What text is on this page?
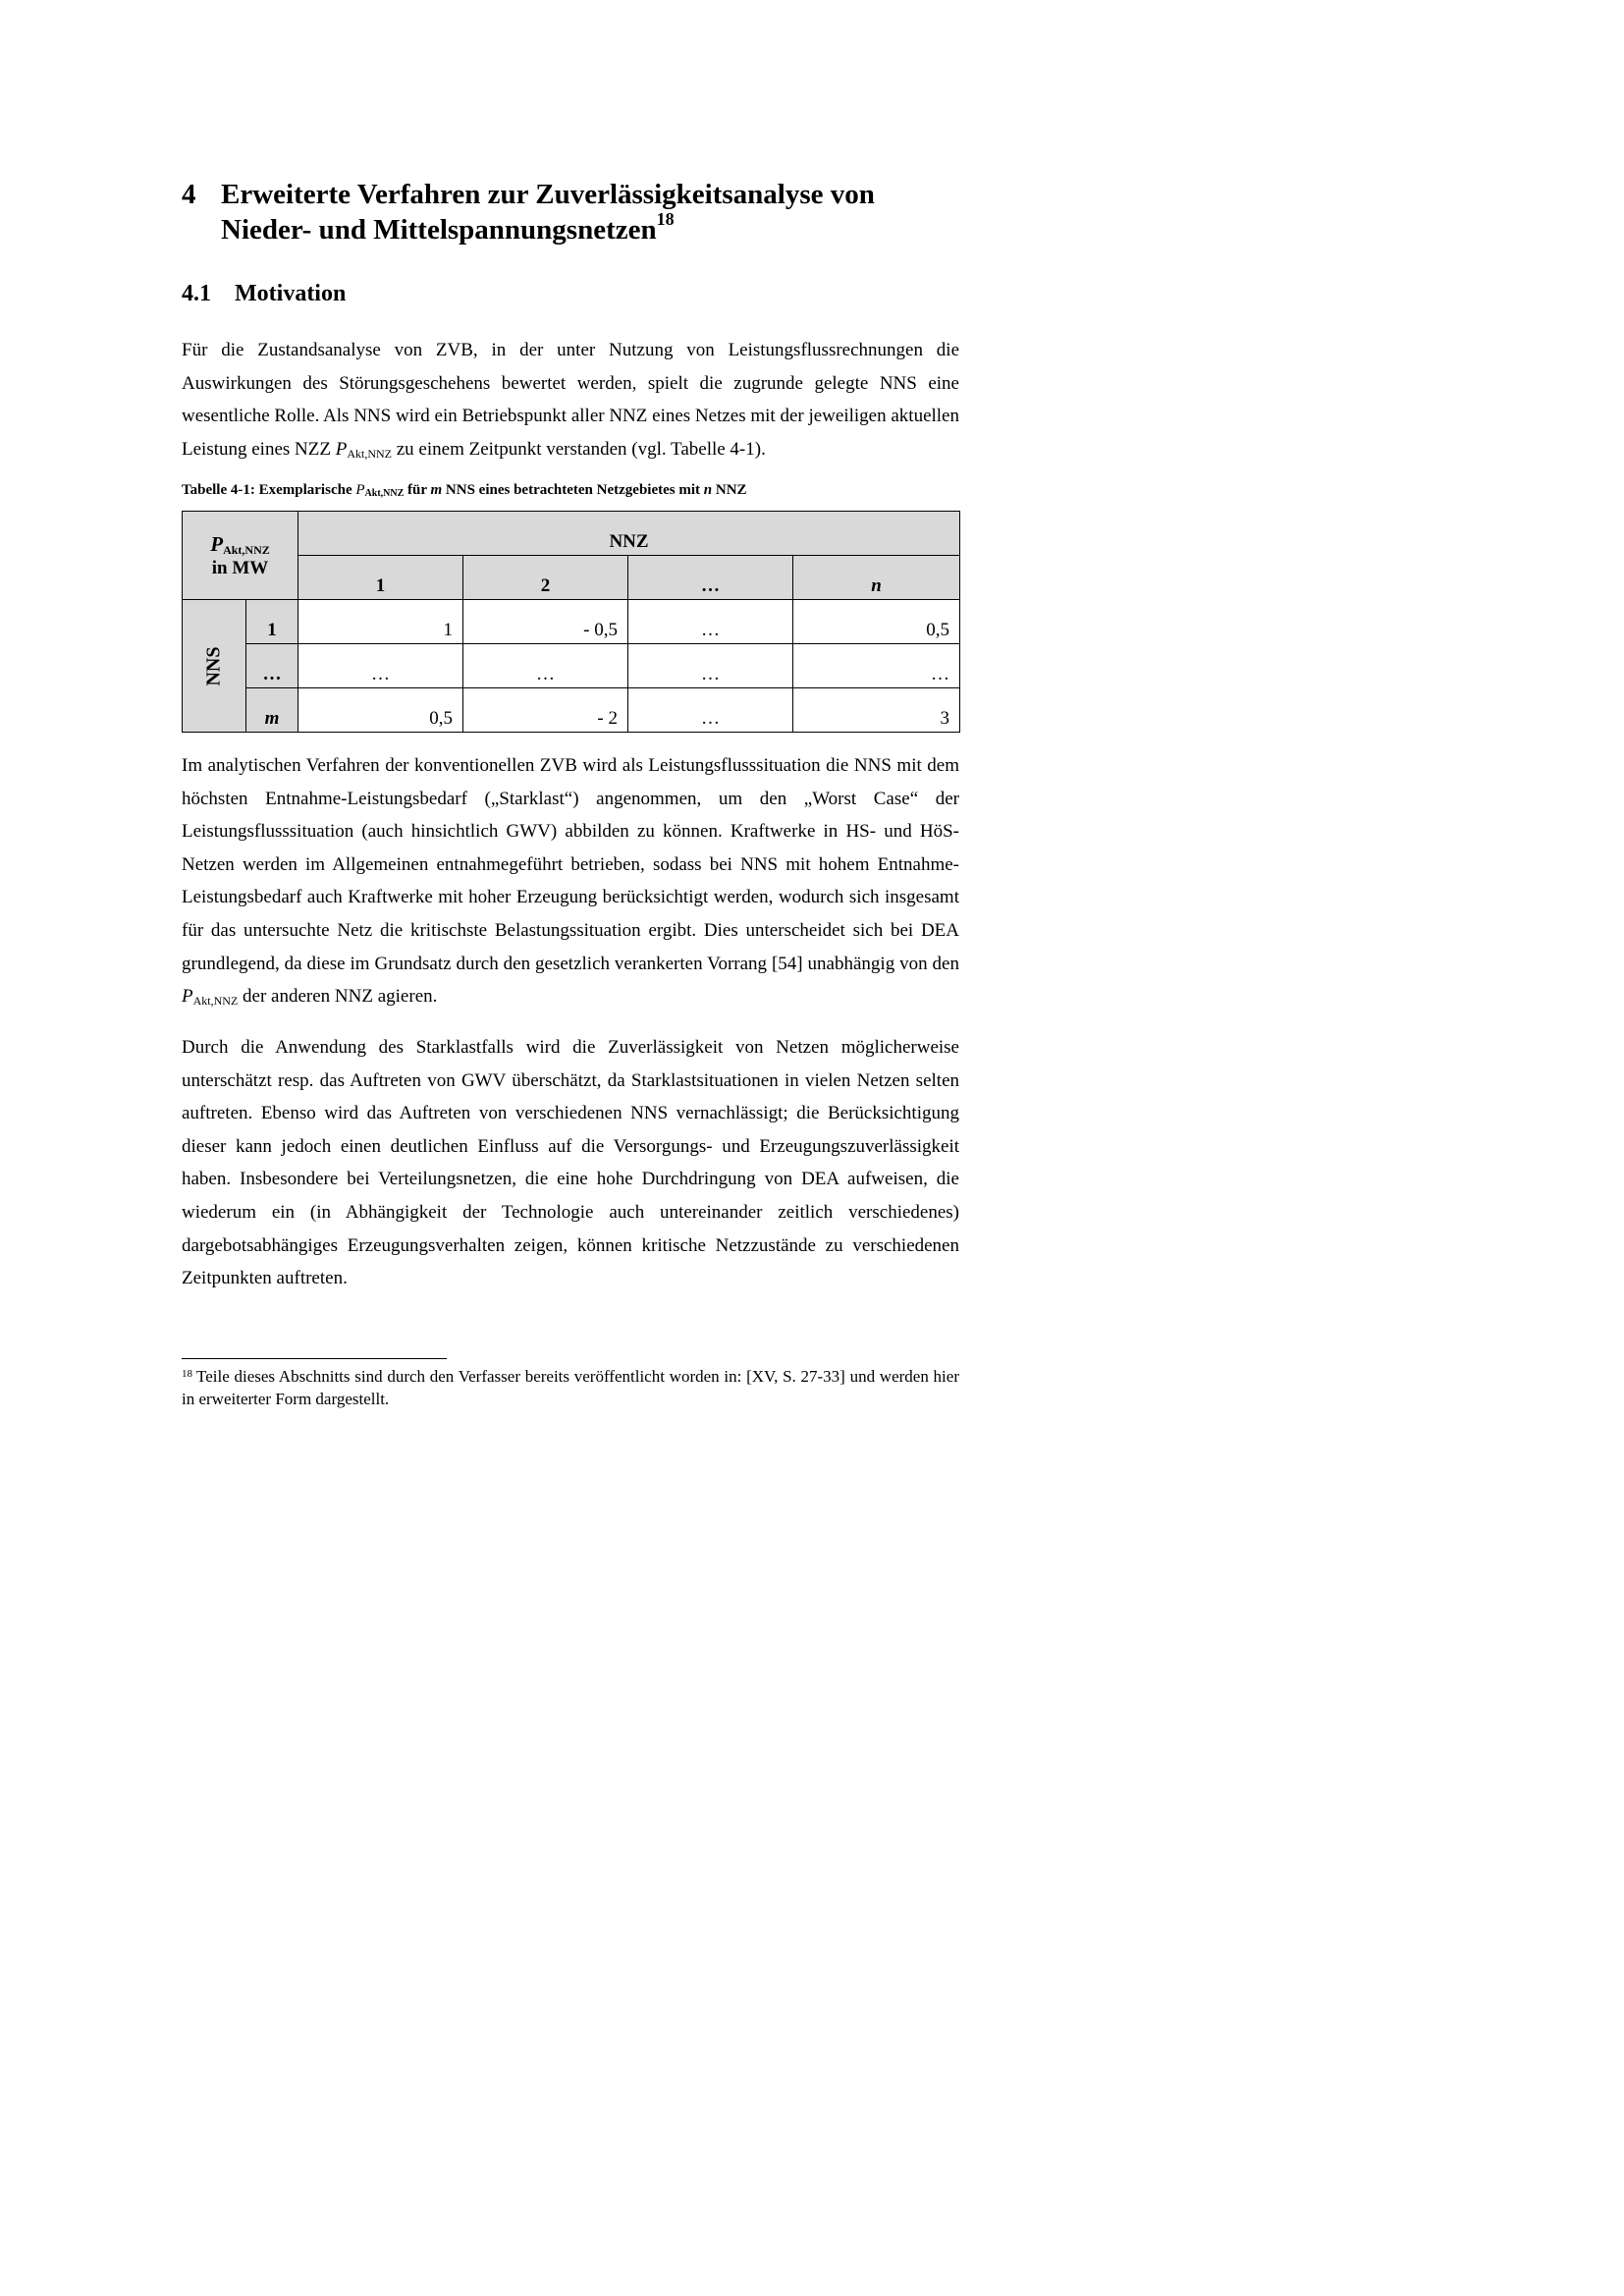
4 Erweiterte Verfahren zur Zuverlässigkeitsanalyse von
Nieder- und Mittelspannungsnetzen$^{18}$
4.1 Motivation

Für die Zustandsanalyse von ZVB, in der unter Nutzung von Leistungsflussrechnungen die Auswirkungen des Störungsgeschehens bewertet werden, spielt die zugrunde gelegte NNS eine wesentliche Rolle. Als NNS wird ein Betriebspunkt aller NNZ eines Netzes mit der jeweiligen aktuellen Leistung eines NZZ $P_{Akt,NNZ}$ zu einem Zeitpunkt verstanden (vgl. Tabelle 4-1).

Tabelle 4-1: Exemplarische $P_{Akt,NNZ}$ für m NNS eines betrachteten Netzgebietes mit n NNZ
$P_{Akt,NNZ}$
in MW		NNZ			
		1	2	…	n
NNS	1	1	- 0,5	…	0,5
	…	…	…	…	…
	m	0,5	- 2	…	3

Im analytischen Verfahren der konventionellen ZVB wird als Leistungsflusssituation die NNS mit dem höchsten Entnahme-Leistungsbedarf („Starklast“) angenommen, um den „Worst Case“ der Leistungsflusssituation (auch hinsichtlich GWV) abbilden zu können. Kraftwerke in HS- und HöS-Netzen werden im Allgemeinen entnahmegeführt betrieben, sodass bei NNS mit hohem Entnahme-Leistungsbedarf auch Kraftwerke mit hoher Erzeugung berücksichtigt werden, wodurch sich insgesamt für das untersuchte Netz die kritischste Belastungssituation ergibt. Dies unterscheidet sich bei DEA grundlegend, da diese im Grundsatz durch den gesetzlich verankerten Vorrang [54] unabhängig von den $P_{Akt,NNZ}$ der anderen NNZ agieren.

Durch die Anwendung des Starklastfalls wird die Zuverlässigkeit von Netzen möglicherweise unterschätzt resp. das Auftreten von GWV überschätzt, da Starklastsituationen in vielen Netzen selten auftreten. Ebenso wird das Auftreten von verschiedenen NNS vernachlässigt; die Berücksichtigung dieser kann jedoch einen deutlichen Einfluss auf die Versorgungs- und Erzeugungszuverlässigkeit haben. Insbesondere bei Verteilungsnetzen, die eine hohe Durchdringung von DEA aufweisen, die wiederum ein (in Abhängigkeit der Technologie auch untereinander zeitlich verschiedenes) dargebotsabhängiges Erzeugungsverhalten zeigen, können kritische Netzzustände zu verschiedenen Zeitpunkten auftreten.

$^{18}$ Teile dieses Abschnitts sind durch den Verfasser bereits veröffentlicht worden in: [XV, S. 27-33] und werden hier in erweiterter Form dargestellt.
